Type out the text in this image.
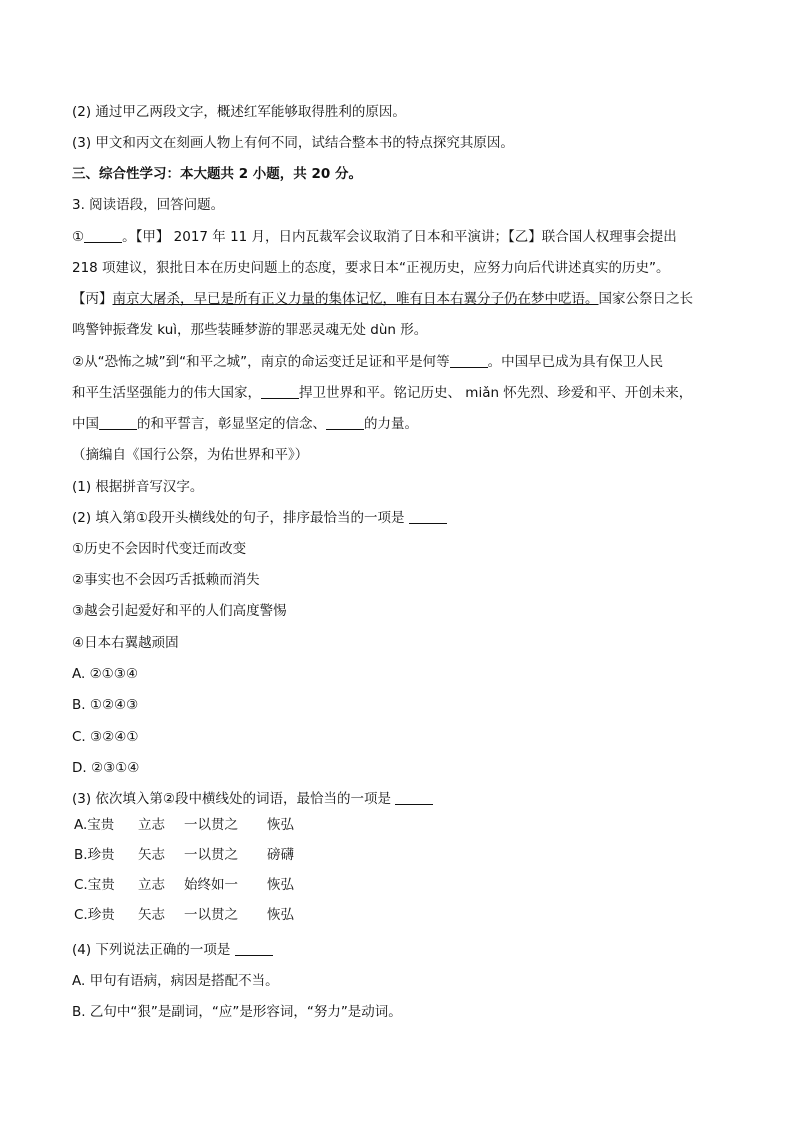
(2) 通过甲乙两段文字，概述红军能够取得胜利的原因。
(3) 甲文和丙文在刻画人物上有何不同，试结合整本书的特点探究其原因。
三、综合性学习：本大题共 2 小题，共 20 分。
3. 阅读语段，回答问题。
①	。【甲】 2017 年 11 月，日内瓦裁军会议取消了日本和平演讲；【乙】联合国人权理事会提出
218 项建议，狠批日本在历史问题上的态度，要求日本“正视历史，应努力向后代讲述真实的历史”。
【丙】南京大屠杀，早已是所有正义力量的集体记忆，唯有日本右翼分子仍在梦中呓语。国家公祭日之长
鸣警钟振聋发 kuì，那些装睡梦游的罪恶灵魂无处 dùn 形。
②从“恐怖之城”到“和平之城”，南京的命运变迁足证和平是何等	。中国早已成为具有保卫人民
和平生活坚强能力的伟大国家，	捍卫世界和平。铭记历史、 miǎn 怀先烈、珍爱和平、开创未来，
中国	的和平誓言，彰显坚定的信念、	的力量。
（摘编自《国行公祭，为佑世界和平》）
(1) 根据拼音写汉字。
(2) 填入第①段开头横线处的句子，排序最恰当的一项是
①历史不会因时代变迁而改变
②事实也不会因巧舌抵赖而消失
③越会引起爱好和平的人们高度警惕
④日本右翼越顽固
A. ②①③④
B. ①②④③
C. ③②④①
D. ②③①④
(3) 依次填入第②段中横线处的词语，最恰当的一项是
A.宝贵 立志 一以贯之 恢弘
B.珍贵 矢志 一以贯之 磅礴
C.宝贵 立志 始终如一 恢弘
C.珍贵 矢志 一以贯之 恢弘
(4) 下列说法正确的一项是
A. 甲句有语病，病因是搭配不当。
B. 乙句中“狠”是副词，“应”是形容词，“努力”是动词。
